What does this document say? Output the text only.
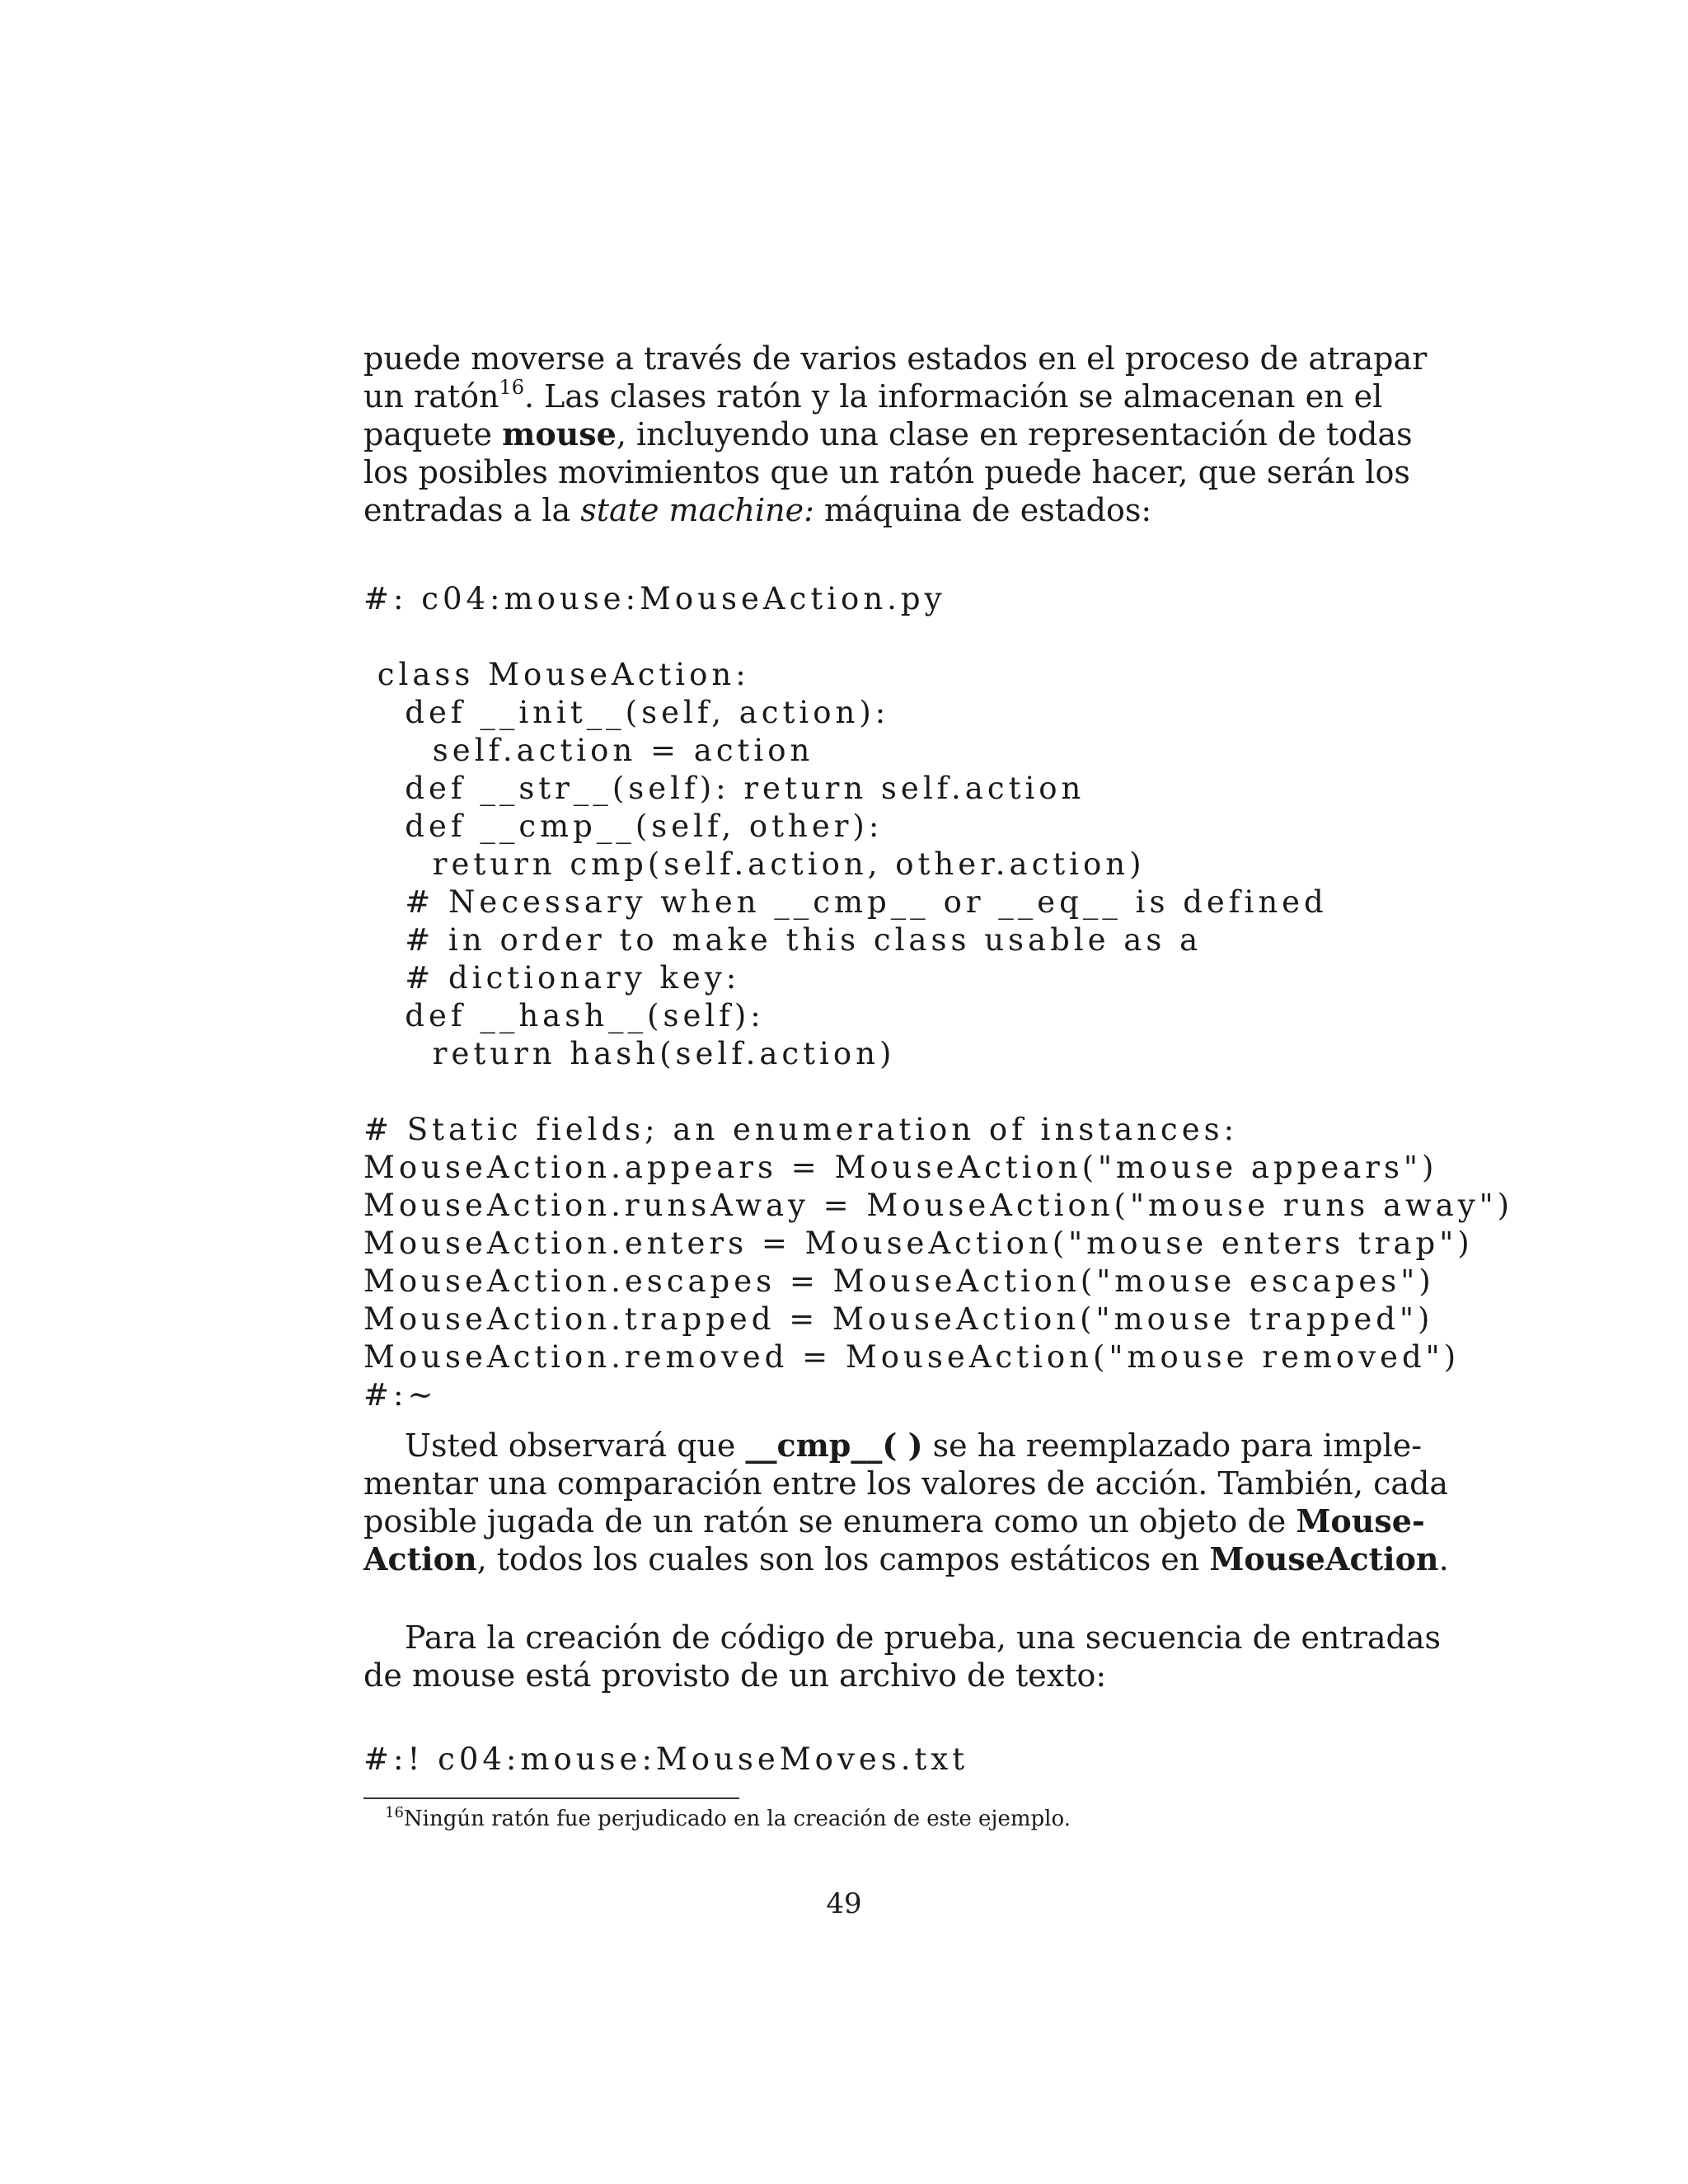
puede moverse a través de varios estados en el proceso de atrapar
un ratón$^{16}$. Las clases ratón y la información se almacenan en el
paquete mouse, incluyendo una clase en representación de todas
los posibles movimientos que un ratón puede hacer, que serán los
entradas a la state machine: máquina de estados:
#: c04:mouse:MouseAction.py

class MouseAction:
def __init__(self, action):
self.action = action
def __str__(self): return self.action
def __cmp__(self, other):
return cmp(self.action, other.action)
# Necessary when __cmp__ or __eq__ is defined
# in order to make this class usable as a
# dictionary key:
def __hash__(self):
return hash(self.action)

# Static fields; an enumeration of instances:
MouseAction.appears = MouseAction("mouse appears")
MouseAction.runsAway = MouseAction("mouse runs away")
MouseAction.enters = MouseAction("mouse enters trap")
MouseAction.escapes = MouseAction("mouse escapes")
MouseAction.trapped = MouseAction("mouse trapped")
MouseAction.removed = MouseAction("mouse removed")
#:~
Usted observará que __cmp__( ) se ha reemplazado para imple-
mentar una comparación entre los valores de acción. También, cada
posible jugada de un ratón se enumera como un objeto de Mouse-
Action, todos los cuales son los campos estáticos en MouseAction.
Para la creación de código de prueba, una secuencia de entradas
de mouse está provisto de un archivo de texto:
#:! c04:mouse:MouseMoves.txt
$^{16}$Ningún ratón fue perjudicado en la creación de este ejemplo.
49
